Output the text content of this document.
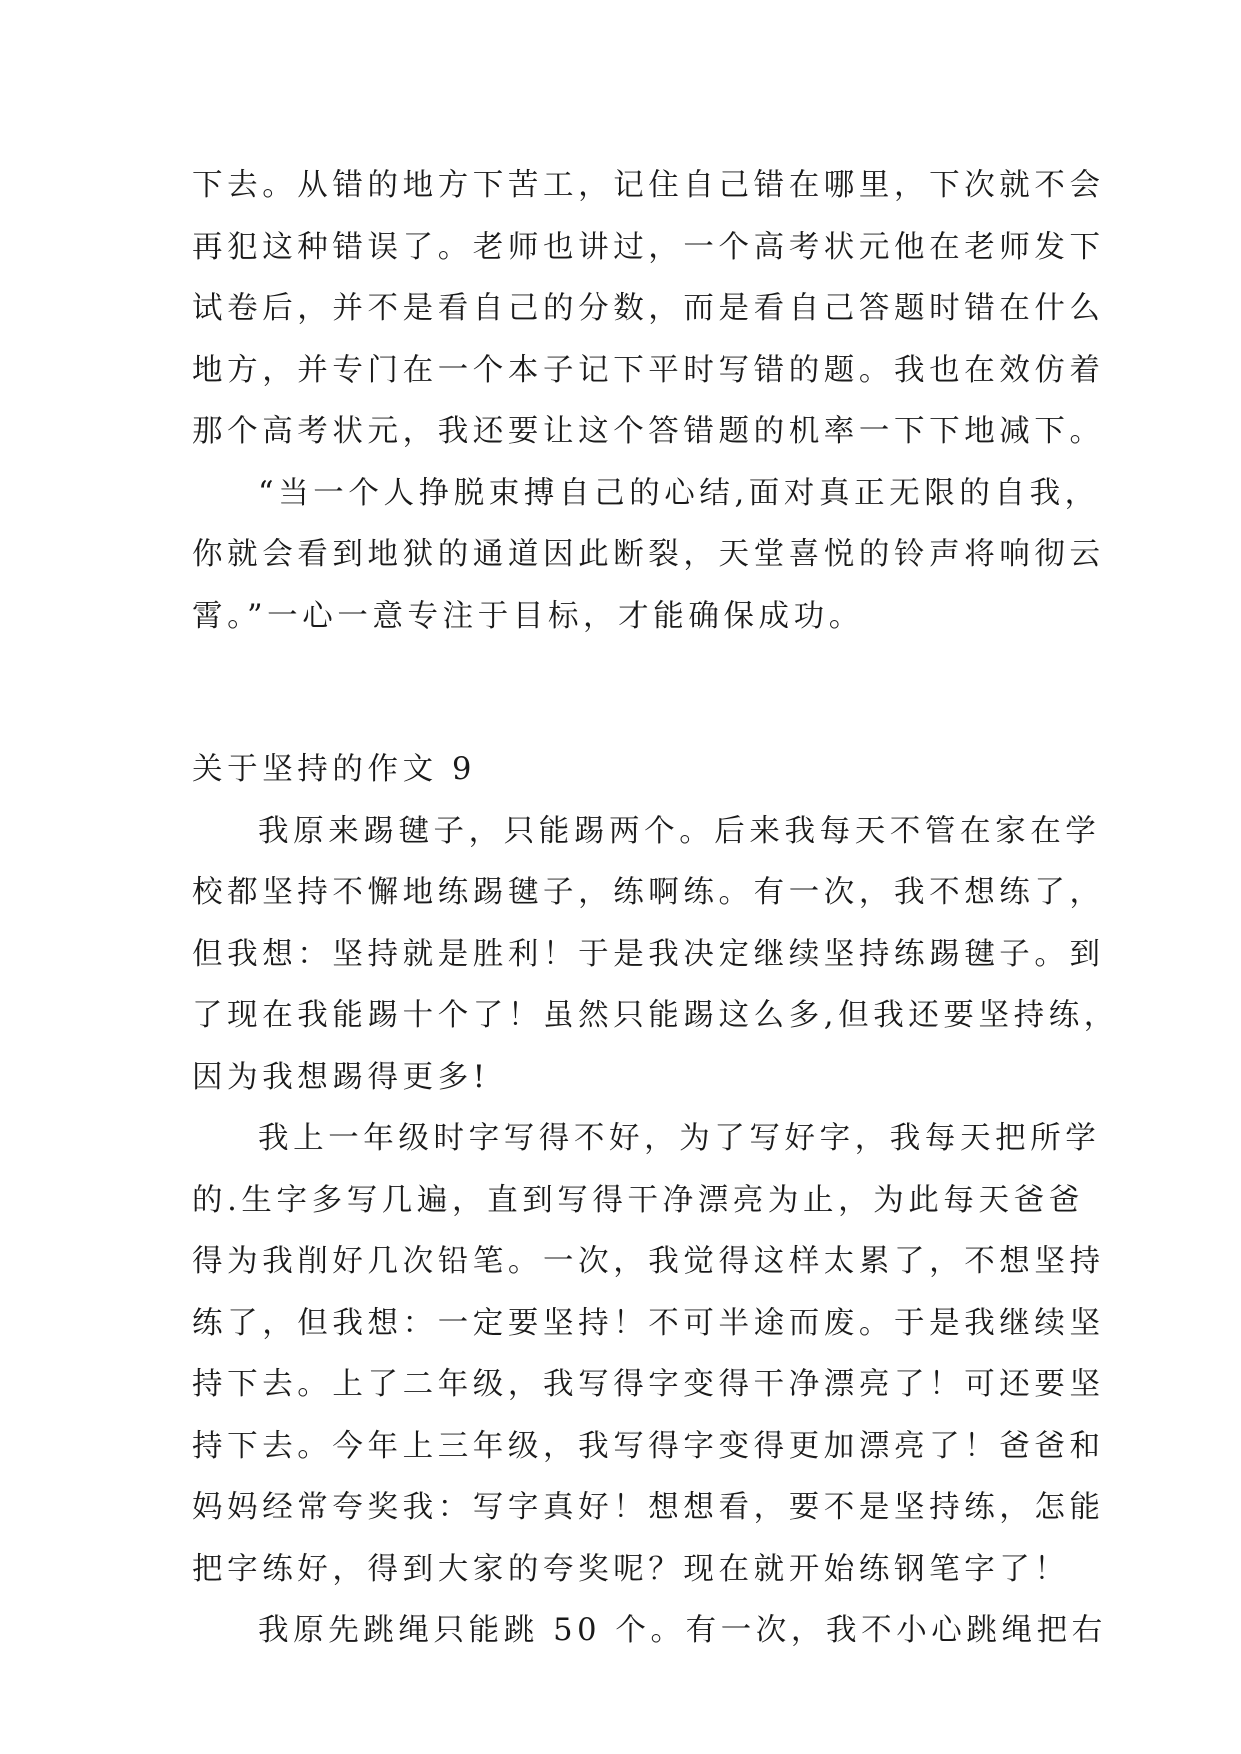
下去。从错的地方下苦工，记住自己错在哪里，下次就不会
再犯这种错误了。老师也讲过，一个高考状元他在老师发下
试卷后，并不是看自己的分数，而是看自己答题时错在什么
地方，并专门在一个本子记下平时写错的题。我也在效仿着
那个高考状元，我还要让这个答错题的机率一下下地减下。
“当一个人挣脱束搏自己的心结,面对真正无限的自我，
你就会看到地狱的通道因此断裂，天堂喜悦的铃声将响彻云
霄。”一心一意专注于目标，才能确保成功。
关于坚持的作文 9
我原来踢毽子，只能踢两个。后来我每天不管在家在学
校都坚持不懈地练踢毽子，练啊练。有一次，我不想练了，
但我想：坚持就是胜利！于是我决定继续坚持练踢毽子。到
了现在我能踢十个了！虽然只能踢这么多,但我还要坚持练，
因为我想踢得更多!
我上一年级时字写得不好，为了写好字，我每天把所学
的.生字多写几遍，直到写得干净漂亮为止，为此每天爸爸
得为我削好几次铅笔。一次，我觉得这样太累了，不想坚持
练了，但我想：一定要坚持！不可半途而废。于是我继续坚
持下去。上了二年级，我写得字变得干净漂亮了！可还要坚
持下去。今年上三年级，我写得字变得更加漂亮了！爸爸和
妈妈经常夸奖我：写字真好！想想看，要不是坚持练，怎能
把字练好，得到大家的夸奖呢？现在就开始练钢笔字了！
我原先跳绳只能跳 50 个。有一次，我不小心跳绳把右
